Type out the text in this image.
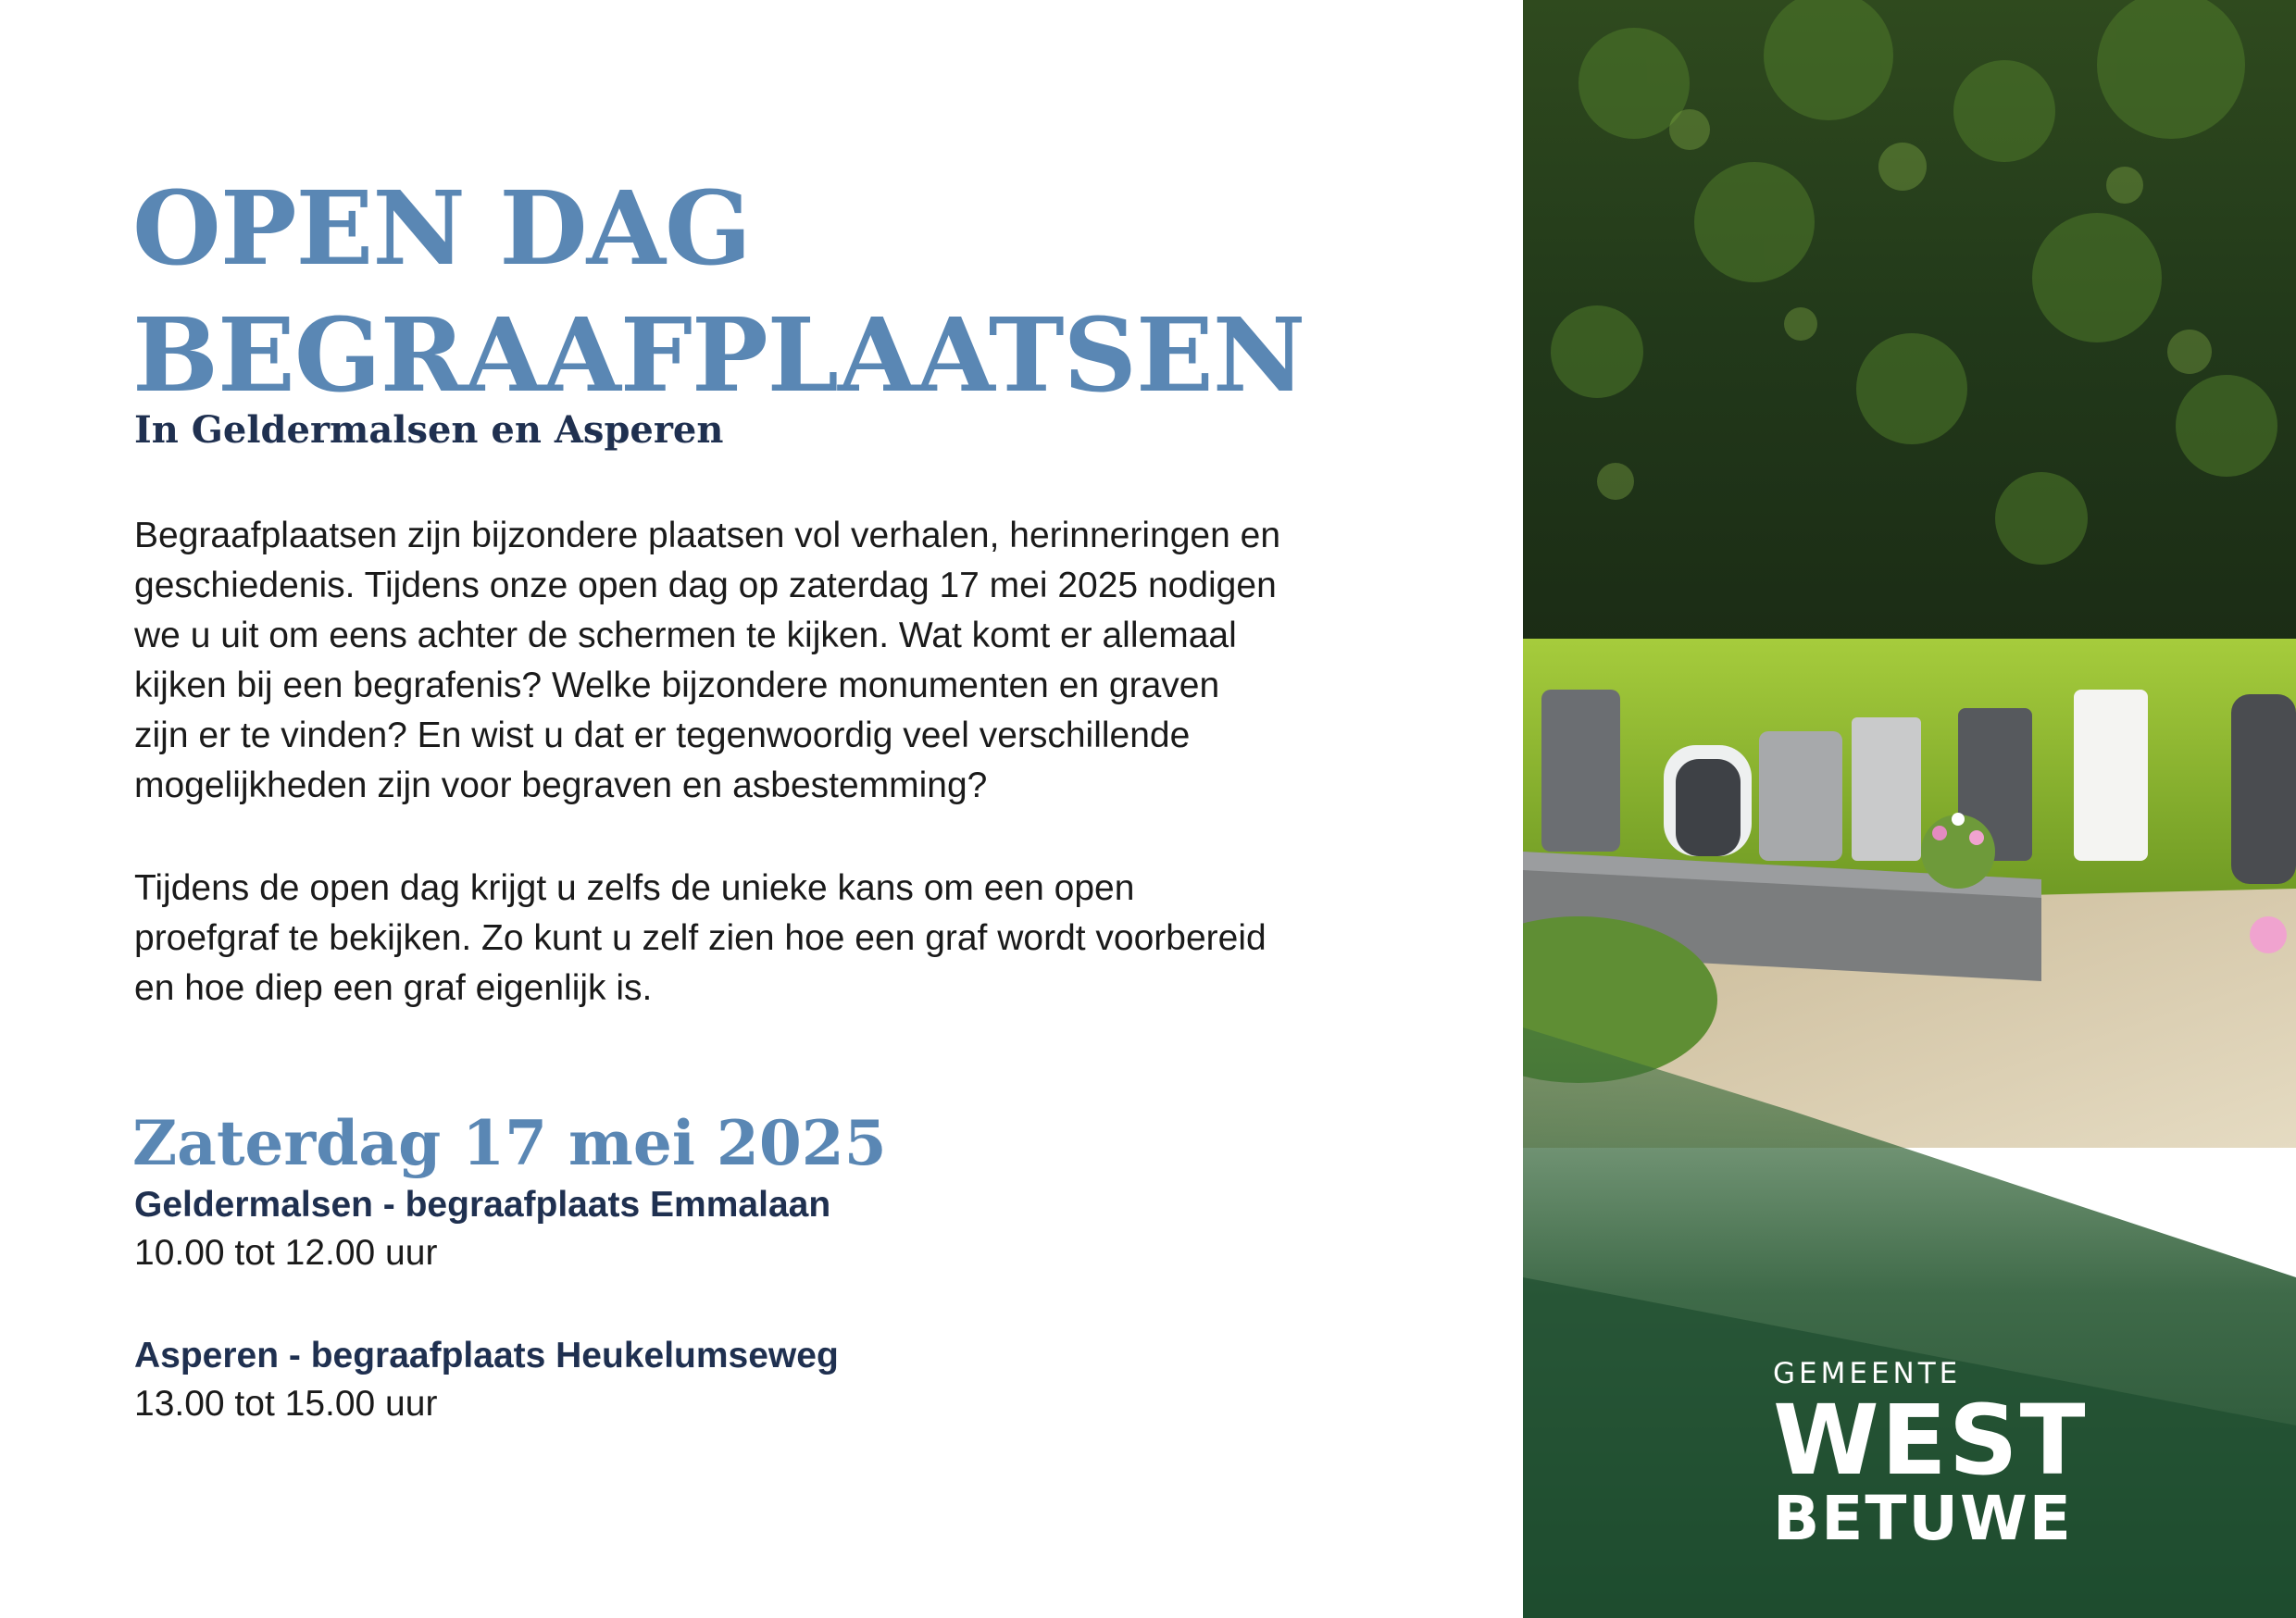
OPEN DAG
BEGRAAFPLAATSEN
In Geldermalsen en Asperen

Begraafplaatsen zijn bijzondere plaatsen vol verhalen, herinneringen en
geschiedenis. Tijdens onze open dag op zaterdag 17 mei 2025 nodigen
we u uit om eens achter de schermen te kijken. Wat komt er allemaal
kijken bij een begrafenis? Welke bijzondere monumenten en graven
zijn er te vinden? En wist u dat er tegenwoordig veel verschillende
mogelijkheden zijn voor begraven en asbestemming?

Tijdens de open dag krijgt u zelfs de unieke kans om een open
proefgraf te bekijken. Zo kunt u zelf zien hoe een graf wordt voorbereid
en hoe diep een graf eigenlijk is.

Zaterdag 17 mei 2025
Geldermalsen - begraafplaats Emmalaan
10.00 tot 12.00 uur
Asperen - begraafplaats Heukelumseweg
13.00 tot 15.00 uur
GEMEENTE
WEST
BETUWE
